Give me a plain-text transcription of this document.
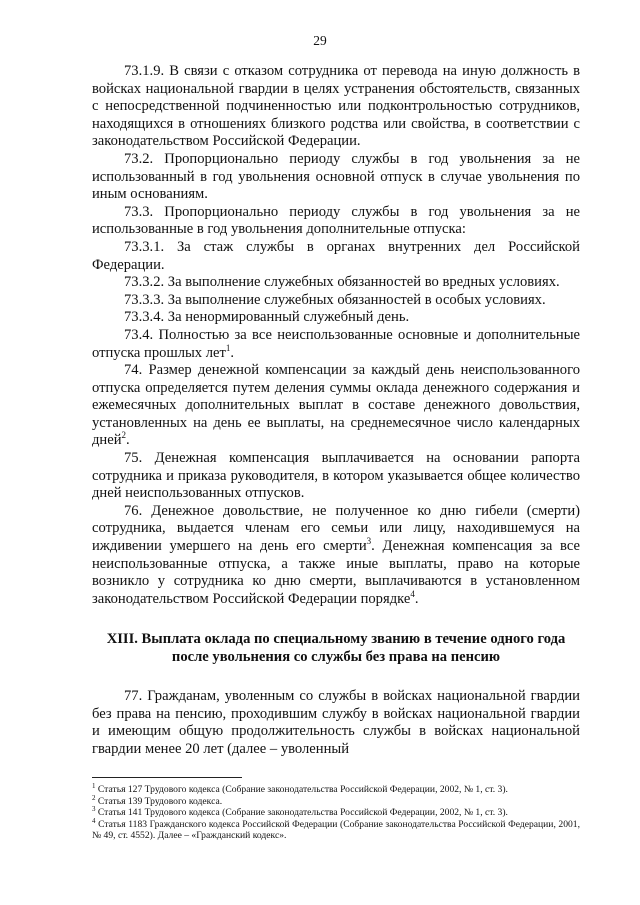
29

73.1.9. В связи с отказом сотрудника от перевода на иную должность в войсках национальной гвардии в целях устранения обстоятельств, связанных с непосредственной подчиненностью или подконтрольностью сотрудников, находящихся в отношениях близкого родства или свойства, в соответствии с законодательством Российской Федерации.

73.2. Пропорционально периоду службы в год увольнения за не использованный в год увольнения основной отпуск в случае увольнения по иным основаниям.

73.3. Пропорционально периоду службы в год увольнения за не использованные в год увольнения дополнительные отпуска:

73.3.1. За стаж службы в органах внутренних дел Российской Федерации.

73.3.2. За выполнение служебных обязанностей во вредных условиях.

73.3.3. За выполнение служебных обязанностей в особых условиях.

73.3.4. За ненормированный служебный день.

73.4. Полностью за все неиспользованные основные и дополнительные отпуска прошлых лет$^1$.

74. Размер денежной компенсации за каждый день неиспользованного отпуска определяется путем деления суммы оклада денежного содержания и ежемесячных дополнительных выплат в составе денежного довольствия, установленных на день ее выплаты, на среднемесячное число календарных дней$^2$.

75. Денежная компенсация выплачивается на основании рапорта сотрудника и приказа руководителя, в котором указывается общее количество дней неиспользованных отпусков.

76. Денежное довольствие, не полученное ко дню гибели (смерти) сотрудника, выдается членам его семьи или лицу, находившемуся на иждивении умершего на день его смерти$^3$. Денежная компенсация за все неиспользованные отпуска, а также иные выплаты, право на которые возникло у сотрудника ко дню смерти, выплачиваются в установленном законодательством Российской Федерации порядке$^4$.

XIII. Выплата оклада по специальному званию в течение одного года после увольнения со службы без права на пенсию

77. Гражданам, уволенным со службы в войсках национальной гвардии без права на пенсию, проходившим службу в войсках национальной гвардии и имеющим общую продолжительность службы в войсках национальной гвардии менее 20 лет (далее – уволенный

$^1$ Статья 127 Трудового кодекса (Собрание законодательства Российской Федерации, 2002, № 1, ст. 3).

$^2$ Статья 139 Трудового кодекса.

$^3$ Статья 141 Трудового кодекса (Собрание законодательства Российской Федерации, 2002, № 1, ст. 3).

$^4$ Статья 1183 Гражданского кодекса Российской Федерации (Собрание законодательства Российской Федерации, 2001, № 49, ст. 4552). Далее – «Гражданский кодекс».
